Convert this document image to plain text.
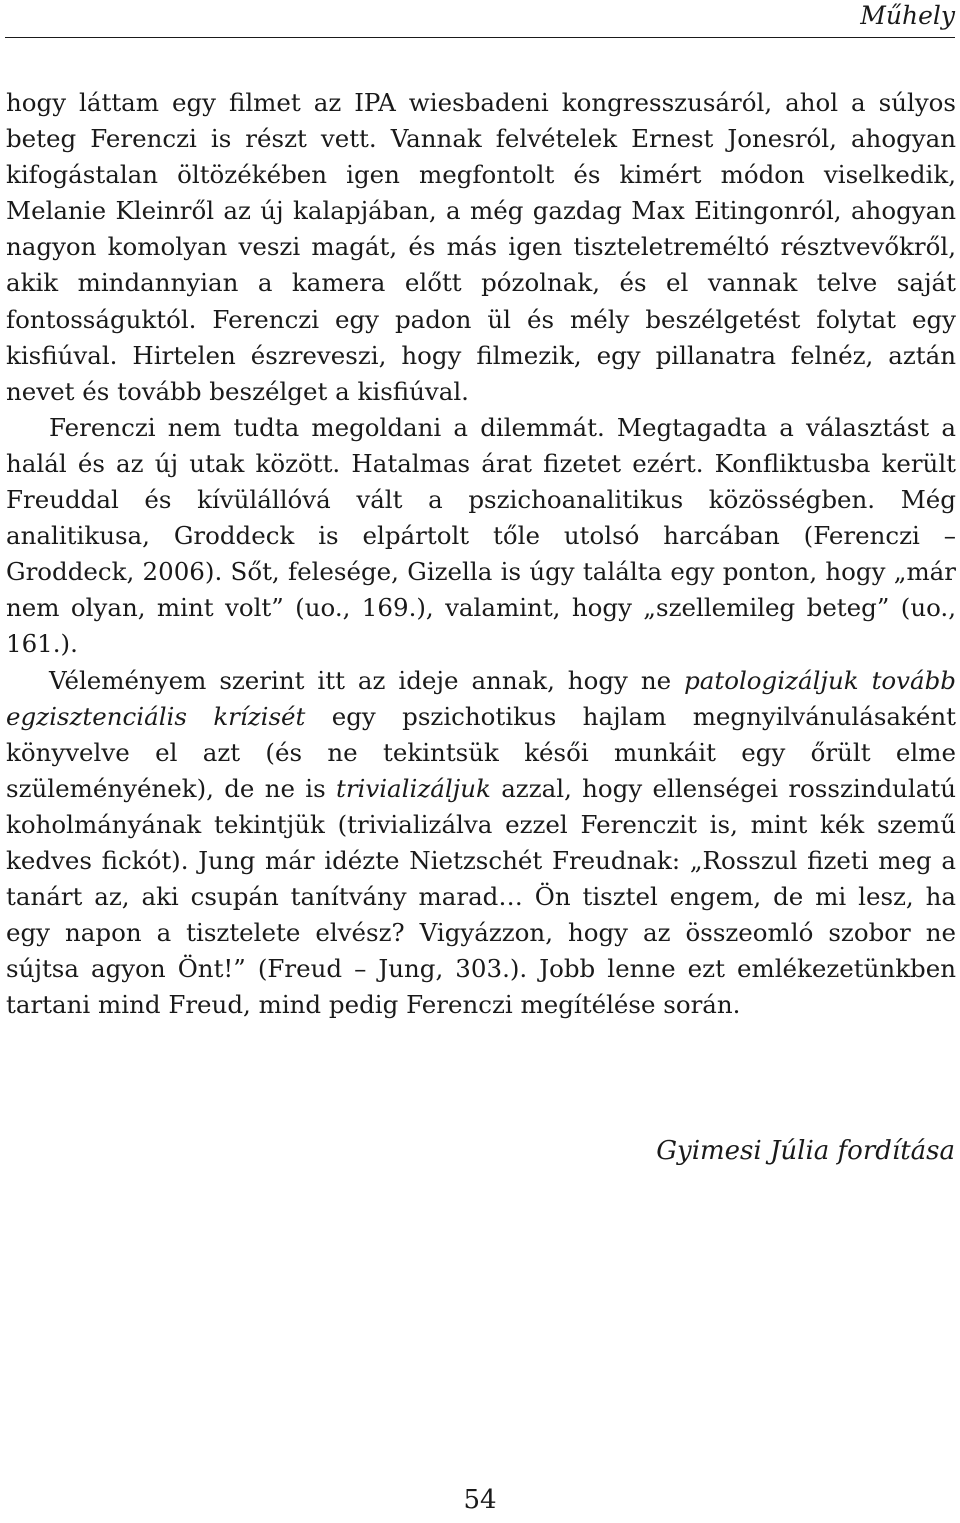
Műhely

hogy láttam egy filmet az IPA wiesbadeni kongresszusáról, ahol a súlyos beteg Ferenczi is részt vett. Vannak felvételek Ernest Jonesról, ahogyan kifogástalan öltözékében igen megfontolt és kimért módon viselkedik, Melanie Kleinről az új kalapjában, a még gazdag Max Eitingonról, ahogyan nagyon komolyan veszi magát, és más igen tiszteletreméltó résztvevőkről, akik mindannyian a kamera előtt pózolnak, és el vannak telve saját fontosságuktól. Ferenczi egy padon ül és mély beszélgetést folytat egy kisfiúval. Hirtelen észreveszi, hogy filmezik, egy pillanatra felnéz, aztán nevet és tovább beszélget a kisfiúval.

Ferenczi nem tudta megoldani a dilemmát. Megtagadta a választást a halál és az új utak között. Hatalmas árat fizetet ezért. Konfliktusba került Freuddal és kívülállóvá vált a pszichoanalitikus közösségben. Még analitikusa, Groddeck is elpártolt tőle utolsó harcában (Ferenczi – Groddeck, 2006). Sőt, felesége, Gizella is úgy találta egy ponton, hogy „már nem olyan, mint volt” (uo., 169.), valamint, hogy „szellemileg beteg” (uo., 161.).

Véleményem szerint itt az ideje annak, hogy ne patologizáljuk tovább egzisztenciális krízisét egy pszichotikus hajlam megnyilvánulásaként könyvelve el azt (és ne tekintsük késői munkáit egy őrült elme szüleményének), de ne is trivializáljuk azzal, hogy ellenségei rosszindulatú koholmányának tekintjük (trivializálva ezzel Ferenczit is, mint kék szemű kedves fickót). Jung már idézte Nietzschét Freudnak: „Rosszul fizeti meg a tanárt az, aki csupán tanítvány marad… Ön tisztel engem, de mi lesz, ha egy napon a tisztelete elvész? Vigyázzon, hogy az összeomló szobor ne sújtsa agyon Önt!” (Freud – Jung, 303.). Jobb lenne ezt emlékezetünkben tartani mind Freud, mind pedig Ferenczi megítélése során.

Gyimesi Júlia fordítása
54
